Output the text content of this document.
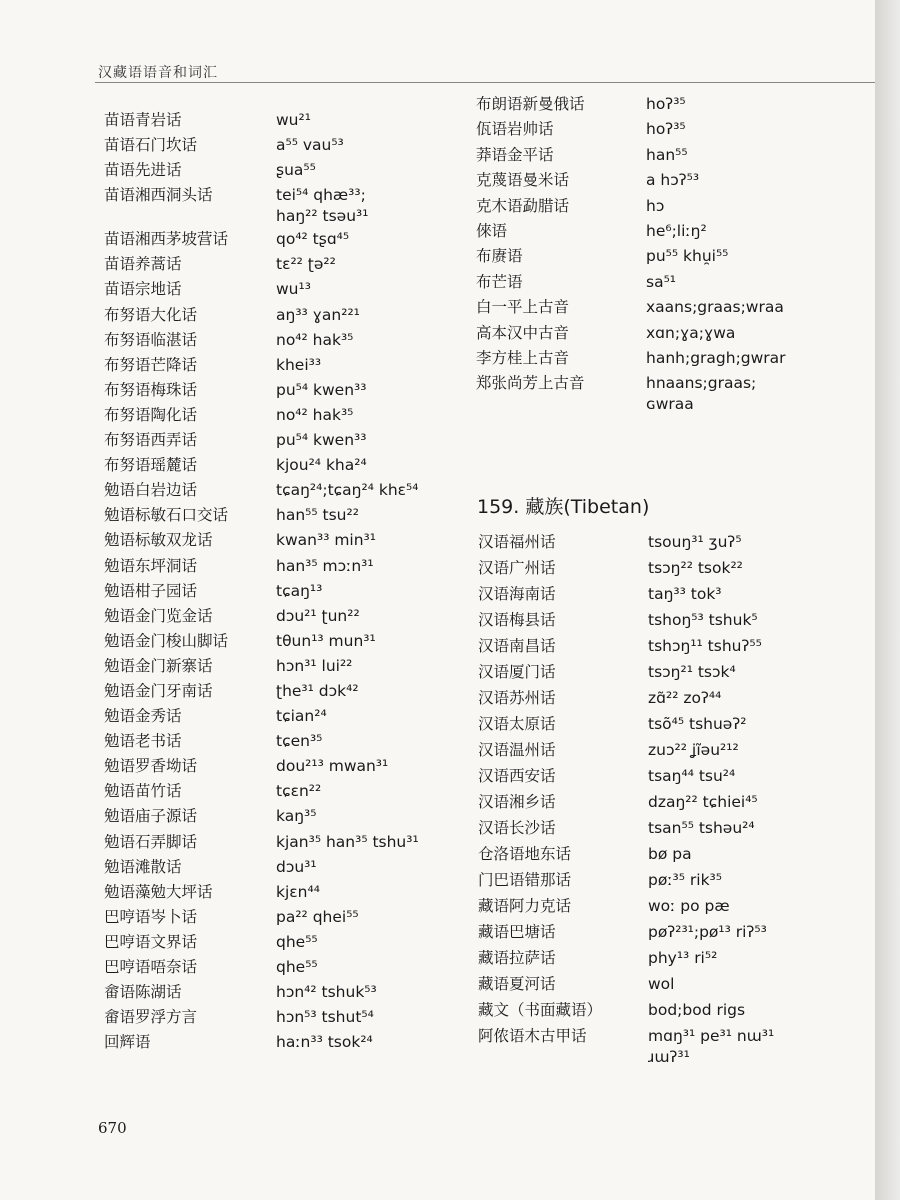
汉藏语语音和词汇
苗语青岩话	wu²¹
苗语石门坎话	a⁵⁵ vau⁵³
苗语先进话	ʂua⁵⁵
苗语湘西洞头话	tei⁵⁴ qhæ³³;
haŋ²² tsəu³¹
苗语湘西茅坡营话	qo⁴² tʂɑ⁴⁵
苗语养蒿话	tɛ²² ʈə²²
苗语宗地话	wu¹³
布努语大化话	aŋ³³ ɣan²²¹
布努语临湛话	no⁴² hak³⁵
布努语芒降话	khei³³
布努语梅珠话	pu⁵⁴ kwen³³
布努语陶化话	no⁴² hak³⁵
布努语西弄话	pu⁵⁴ kwen³³
布努语瑶麓话	kjou²⁴ kha²⁴
勉语白岩边话	tɕaŋ²⁴;tɕaŋ²⁴ khɛ⁵⁴
勉语标敏石口交话	han⁵⁵ tsu²²
勉语标敏双龙话	kwan³³ min³¹
勉语东坪洞话	han³⁵ mɔːn³¹
勉语柑子园话	tɕaŋ¹³
勉语金门览金话	dɔu²¹ ʈun²²
勉语金门梭山脚话	tθun¹³ mun³¹
勉语金门新寨话	hɔn³¹ lui²²
勉语金门牙南话	ʈhe³¹ dɔk⁴²
勉语金秀话	tɕian²⁴
勉语老书话	tɕen³⁵
勉语罗香坳话	dou²¹³ mwan³¹
勉语苗竹话	tɕɛn²²
勉语庙子源话	kaŋ³⁵
勉语石弄脚话	kjan³⁵ han³⁵ tshu³¹
勉语滩散话	dɔu³¹
勉语藻勉大坪话	kjɛn⁴⁴
巴哼语岑卜话	pa²² qhei⁵⁵
巴哼语文界话	qhe⁵⁵
巴哼语唔奈话	qhe⁵⁵
畲语陈湖话	hɔn⁴² tshuk⁵³
畲语罗浮方言	hɔn⁵³ tshut⁵⁴
回辉语	haːn³³ tsok²⁴
布朗语新曼俄话	hoʔ³⁵
佤语岩帅话	hoʔ³⁵
莽语金平话	han⁵⁵
克蔑语曼米话	a hɔʔ⁵³
克木语勐腊话	hɔ
倈语	he⁶;liːŋ²
布赓语	pu⁵⁵ khu̯i⁵⁵
布芒语	sa⁵¹
白一平上古音	xaans;graas;wraa
高本汉中古音	xɑn;ɣa;ɣwa
李方桂上古音	hanh;gragh;gwrar
郑张尚芳上古音	hnaans;graas;
ɢwraa
159. 藏族(Tibetan)
汉语福州话	tsouŋ³¹ ʒuʔ⁵
汉语广州话	tsɔŋ²² tsok²²
汉语海南话	taŋ³³ tok³
汉语梅县话	tshoŋ⁵³ tshuk⁵
汉语南昌话	tshɔŋ¹¹ tshuʔ⁵⁵
汉语厦门话	tsɔŋ²¹ tsɔk⁴
汉语苏州话	zɑ̃²² zoʔ⁴⁴
汉语太原话	tsõ⁴⁵ tshuəʔ²
汉语温州话	zuɔ²² ʝĩəu²¹²
汉语西安话	tsaŋ⁴⁴ tsu²⁴
汉语湘乡话	dzaŋ²² tɕhiei⁴⁵
汉语长沙话	tsan⁵⁵ tshəu²⁴
仓洛语地东话	bø pa
门巴语错那话	pøː³⁵ rik³⁵
藏语阿力克话	woː po pæ
藏语巴塘话	pøʔ²³¹;pø¹³ riʔ⁵³
藏语拉萨话	phy¹³ ri⁵²
藏语夏河话	wol
藏文（书面藏语）	bod;bod rigs
阿侬语木古甲话	mɑŋ³¹ pe³¹ nɯ³¹
ɹɯʔ³¹
670
